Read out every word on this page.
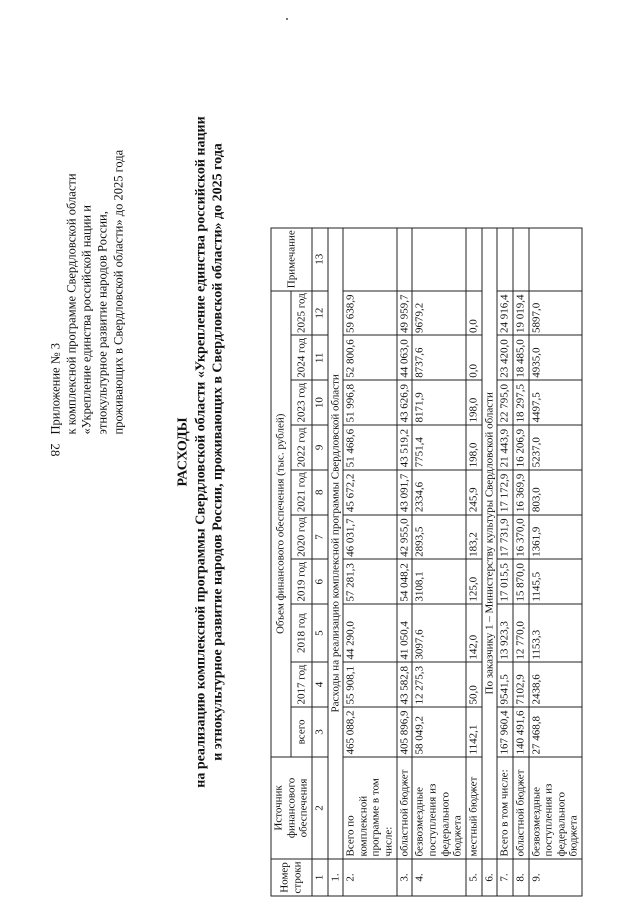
28
Приложение № 3 к комплексной программе Свердловской области «Укрепление единства российской нации и этнокультурное развитие народов России, проживающих в Свердловской области» до 2025 года
РАСХОДЫ на реализацию комплексной программы Свердловской области «Укрепление единства российской нации и этнокультурное развитие народов России, проживающих в Свердловской области» до 2025 года
Номер строки	Источник финансового обеспечения	Объем финансового обеспечения (тыс. рублей)										Примечание
		всего	2017 год	2018 год	2019 год	2020 год	2021 год	2022 год	2023 год	2024 год	2025 год	
1	2	3	4	5	6	7	8	9	10	11	12	13
1.	Расходы на реализацию комплексной программы Свердловской области											
2.	Всего по комплексной программе в том числе:	465 088,2	55 908,1	44 290,0	57 281,3	46 031,7	45 672,2	51 468,6	51 996,8	52 800,6	59 638,9	
3.	областной бюджет	405 896,9	43 582,8	41 050,4	54 048,2	42 955,0	43 091,7	43 519,2	43 626,9	44 063,0	49 959,7	
4.	безвозмездные поступления из федерального бюджета	58 049,2	12 275,3	3097,6	3108,1	2893,5	2334,6	7751,4	8171,9	8737,6	9679,2	
5.	местный бюджет	1142,1	50,0	142,0	125,0	183,2	245,9	198,0	198,0	0,0	0,0	
6.	По заказчику 1 – Министерству культуры Свердловской области											
7.	Всего в том числе:	167 960,4	9541,5	13 923,3	17 015,5	17 731,9	17 172,9	21 443,9	22 795,0	23 420,0	24 916,4	
8.	областной бюджет	140 491,6	7102,9	12 770,0	15 870,0	16 370,0	16 369,9	16 206,9	18 297,5	18 485,0	19 019,4	
9.	безвозмездные поступления из федерального бюджета	27 468,8	2438,6	1153,3	1145,5	1361,9	803,0	5237,0	4497,5	4935,0	5897,0	
